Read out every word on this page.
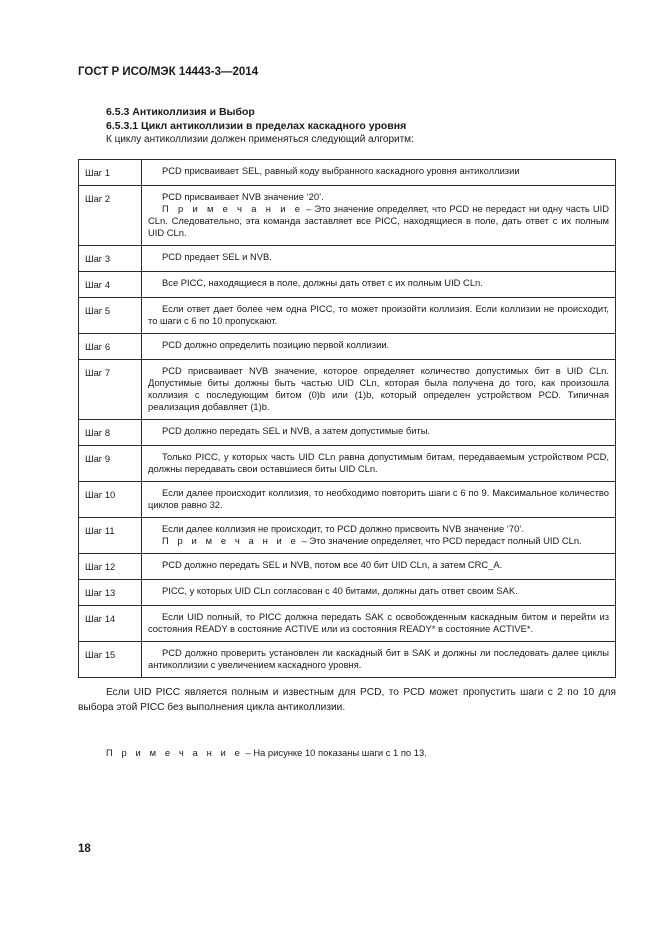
ГОСТ Р ИСО/МЭК 14443-3—2014
6.5.3 Антиколлизия и Выбор
6.5.3.1 Цикл антиколлизии в пределах каскадного уровня
К циклу антиколлизии должен применяться следующий алгоритм:
Шаг 1	PCD присваивает SEL, равный коду выбранного каскадного уровня антиколлизии

Шаг 2	PCD присваивает NVB значение ‘20’.
П р и м е ч а н и е – Это значение определяет, что PCD не передаст ни одну часть UID CLn. Следовательно, эта команда заставляет все PICC, находящиеся в поле, дать ответ с их полным UID CLn.

Шаг 3	PCD предает SEL и NVB.

Шаг 4	Все PICC, находящиеся в поле, должны дать ответ с их полным UID CLn.

Шаг 5	Если ответ дает более чем одна PICC, то может произойти коллизия. Если коллизии не происходит, то шаги с 6 по 10 пропускают.

Шаг 6	PCD должно определить позицию первой коллизии.

Шаг 7	PCD присваивает NVB значение, которое определяет количество допустимых бит в UID CLn. Допустимые биты должны быть частью UID CLn, которая была получена до того, как произошла коллизия с последующим битом (0)b или (1)b, который определен устройством PCD. Типичная реализация добавляет (1)b.

Шаг 8	PCD должно передать SEL и NVB, а затем допустимые биты.

Шаг 9	Только PICC, у которых часть UID CLn равна допустимым битам, передаваемым устройством PCD, должны передавать свои оставшиеся биты UID CLn.

Шаг 10	Если далее происходит коллизия, то необходимо повторить шаги с 6 по 9. Максимальное количество циклов равно 32.

Шаг 11	Если далее коллизия не происходит, то PCD должно присвоить NVB значение ‘70’.
П р и м е ч а н и е – Это значение определяет, что PCD передаст полный UID CLn.

Шаг 12	PCD должно передать SEL и NVB, потом все 40 бит UID CLn, а затем CRC_A.

Шаг 13	PICC, у которых UID CLn согласован с 40 битами, должны дать ответ своим SAK.

Шаг 14	Если UID полный, то PICC должна передать SAK с освобожденным каскадным битом и перейти из состояния READY в состояние ACTIVE или из состояния READY* в состояние ACTIVE*.

Шаг 15	PCD должно проверить установлен ли каскадный бит в SAK и должны ли последовать далее циклы антиколлизии с увеличением каскадного уровня.
Если UID PICC является полным и известным для PCD, то PCD может пропустить шаги с 2 по 10 для выбора этой PICC без выполнения цикла антиколлизии.
П р и м е ч а н и е – На рисунке 10 показаны шаги с 1 по 13.
18
